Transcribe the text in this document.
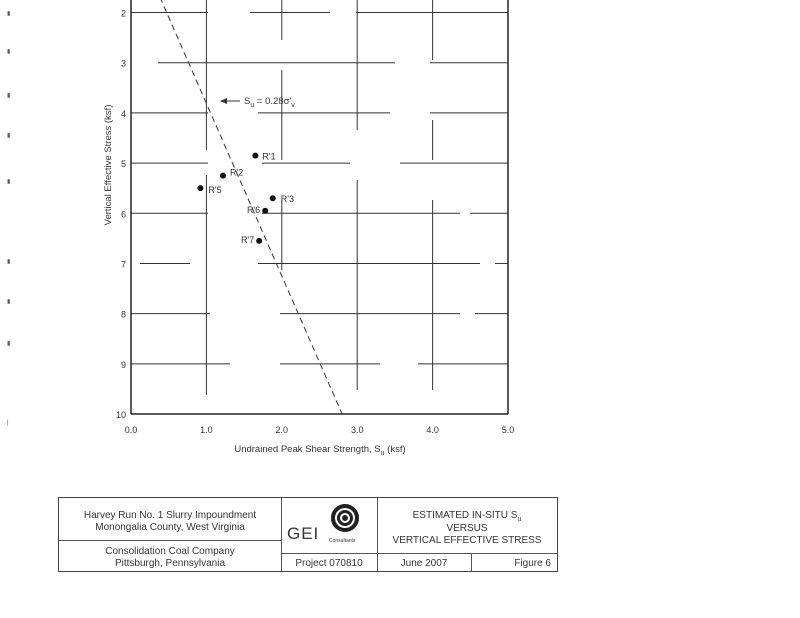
R'1
R'2
R'5
R'3
R'6
R'7
0.0	1.0	2.0	3.0	4.0	5.0
2
3
4
5
6
7
8
9
10
Undrained Peak Shear Strength, $S_u$ (ksf)
Vertical Effective Stress (ksf)
$S_u = 0.28\sigma'_v$
▮
▮
▮
▮
▮
▮
▮
▮
|
Harvey Run No. 1 Slurry Impoundment
Monongalia County, West Virginia
Consolidation Coal Company
Pittsburgh, Pennsylvania
GEI Consultants
Project 070810
ESTIMATED IN-SITU $S_u$
VERSUS
VERTICAL EFFECTIVE STRESS
June 2007	Figure 6
